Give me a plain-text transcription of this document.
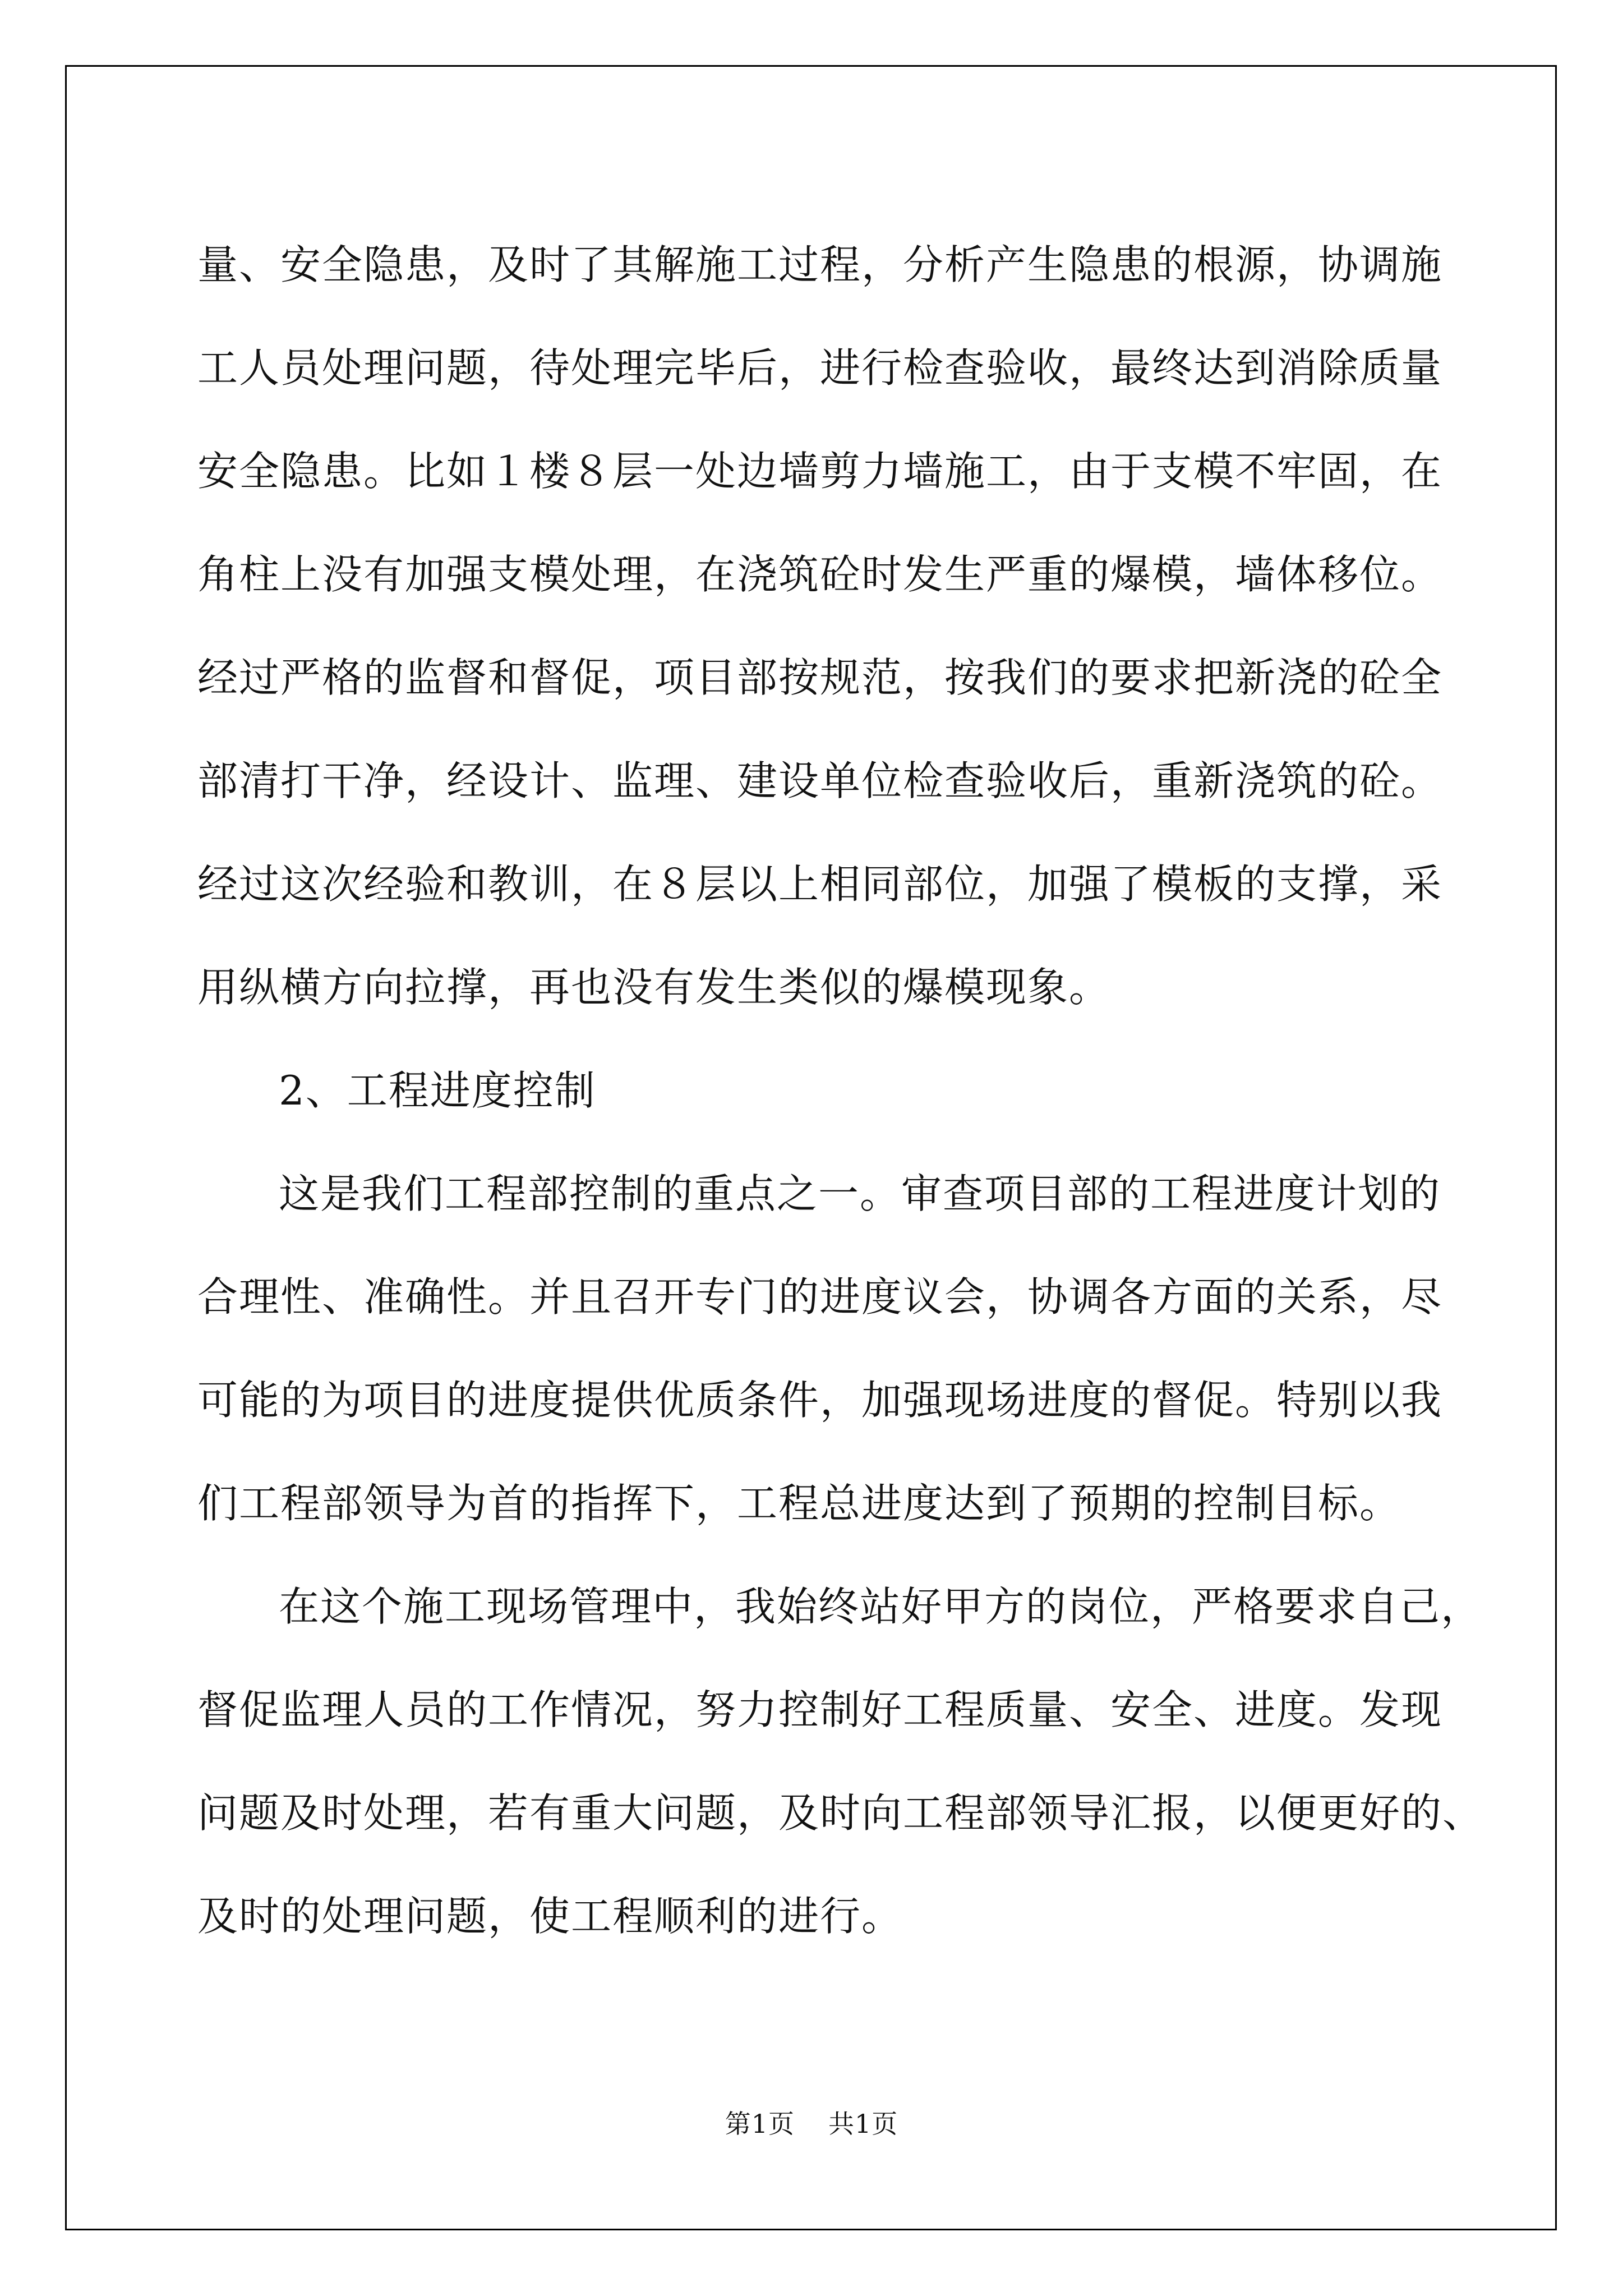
量、安全隐患，及时了其解施工过程，分析产生隐患的根源，协调施
工人员处理问题，待处理完毕后，进行检查验收，最终达到消除质量
安全隐患。比如１楼８层一处边墙剪力墙施工，由于支模不牢固，在
角柱上没有加强支模处理，在浇筑砼时发生严重的爆模，墙体移位。
经过严格的监督和督促，项目部按规范，按我们的要求把新浇的砼全
部清打干净，经设计、监理、建设单位检查验收后，重新浇筑的砼。
经过这次经验和教训，在８层以上相同部位，加强了模板的支撑，采
用纵横方向拉撑，再也没有发生类似的爆模现象。

2、工程进度控制

这是我们工程部控制的重点之一。审查项目部的工程进度计划的
合理性、准确性。并且召开专门的进度议会，协调各方面的关系，尽
可能的为项目的进度提供优质条件，加强现场进度的督促。特别以我
们工程部领导为首的指挥下，工程总进度达到了预期的控制目标。

在这个施工现场管理中，我始终站好甲方的岗位，严格要求自己，
督促监理人员的工作情况，努力控制好工程质量、安全、进度。发现
问题及时处理，若有重大问题，及时向工程部领导汇报，以便更好的、
及时的处理问题，使工程顺利的进行。

第1页 共1页
